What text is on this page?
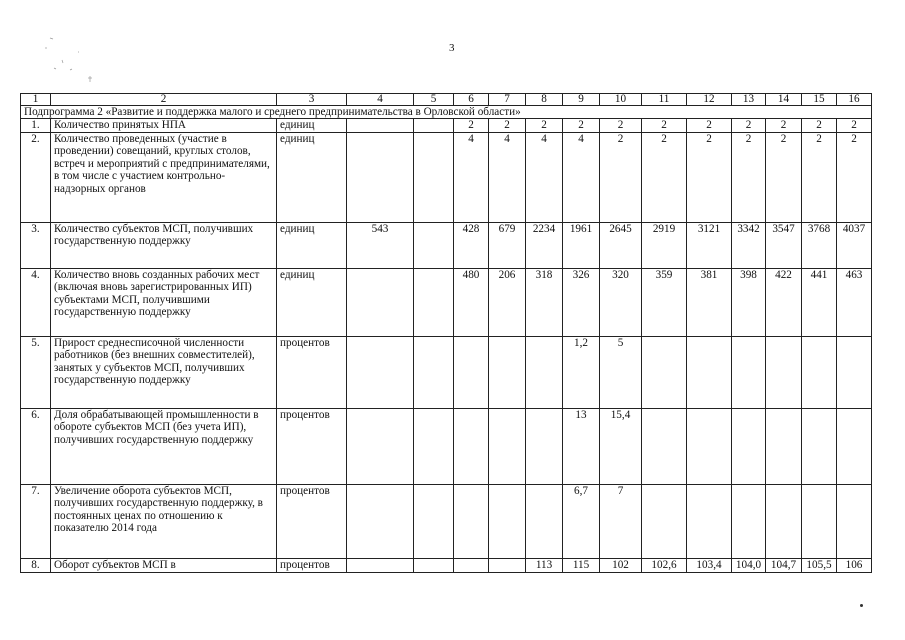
3
1	2	3	4	5	6	7	8	9	10	11	12	13	14	15	16
Подпрограмма 2 «Развитие и поддержка малого и среднего предпринимательства в Орловской области»															
1.	Количество принятых НПА	единиц			2	2	2	2	2	2	2	2	2	2	2
2.	Количество проведенных (участие в проведении) совещаний, круглых столов, встреч и мероприятий с предпринимателями, в том числе с участием контрольно-надзорных органов	единиц			4	4	4	4	2	2	2	2	2	2	2
3.	Количество субъектов МСП, получивших государственную поддержку	единиц	543		428	679	2234	1961	2645	2919	3121	3342	3547	3768	4037
4.	Количество вновь созданных рабочих мест (включая вновь зарегистрированных ИП) субъектами МСП, получившими государственную поддержку	единиц			480	206	318	326	320	359	381	398	422	441	463
5.	Прирост среднесписочной численности работников (без внешних совместителей), занятых у субъектов МСП, получивших государственную поддержку	процентов						1,2	5						
6.	Доля обрабатывающей промышленности в обороте субъектов МСП (без учета ИП), получивших государственную поддержку	процентов						13	15,4						
7.	Увеличение оборота субъектов МСП, получивших государственную поддержку, в постоянных ценах по отношению к показателю 2014 года	процентов						6,7	7						
8.	Оборот субъектов МСП в	процентов					113	115	102	102,6	103,4	104,0	104,7	105,5	106
